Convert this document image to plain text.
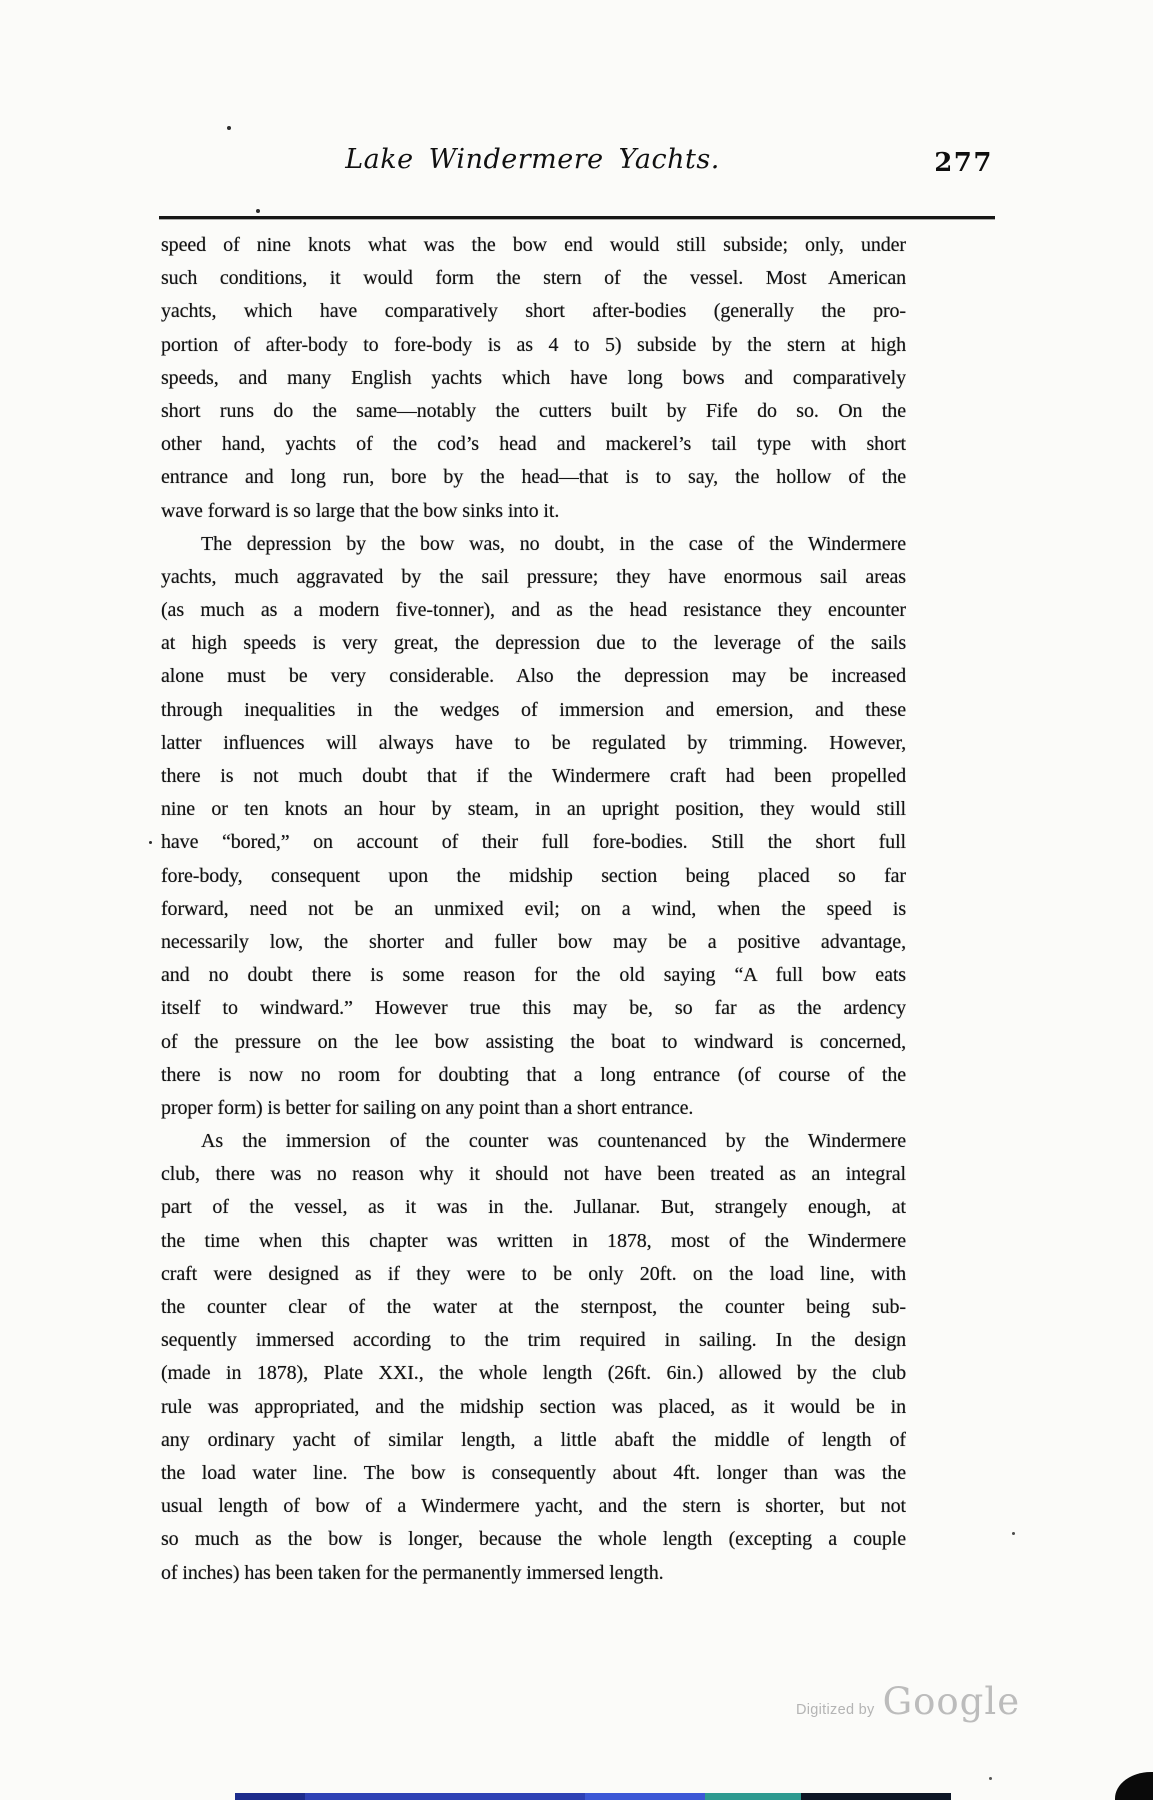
Lake Windermere Yachts.	277
speed of nine knots what was the bow end would still subside; only, under
such conditions, it would form the stern of the vessel. Most American
yachts, which have comparatively short after-bodies (generally the pro-
portion of after-body to fore-body is as 4 to 5) subside by the stern at high
speeds, and many English yachts which have long bows and comparatively
short runs do the same—notably the cutters built by Fife do so. On the
other hand, yachts of the cod’s head and mackerel’s tail type with short
entrance and long run, bore by the head—that is to say, the hollow of the
wave forward is so large that the bow sinks into it.
The depression by the bow was, no doubt, in the case of the Windermere
yachts, much aggravated by the sail pressure; they have enormous sail areas
(as much as a modern five-tonner), and as the head resistance they encounter
at high speeds is very great, the depression due to the leverage of the sails
alone must be very considerable. Also the depression may be increased
through inequalities in the wedges of immersion and emersion, and these
latter influences will always have to be regulated by trimming. However,
there is not much doubt that if the Windermere craft had been propelled
nine or ten knots an hour by steam, in an upright position, they would still
have “bored,” on account of their full fore-bodies. Still the short full
fore-body, consequent upon the midship section being placed so far
forward, need not be an unmixed evil; on a wind, when the speed is
necessarily low, the shorter and fuller bow may be a positive advantage,
and no doubt there is some reason for the old saying “A full bow eats
itself to windward.” However true this may be, so far as the ardency
of the pressure on the lee bow assisting the boat to windward is concerned,
there is now no room for doubting that a long entrance (of course of the
proper form) is better for sailing on any point than a short entrance.
As the immersion of the counter was countenanced by the Windermere
club, there was no reason why it should not have been treated as an integral
part of the vessel, as it was in the. Jullanar. But, strangely enough, at
the time when this chapter was written in 1878, most of the Windermere
craft were designed as if they were to be only 20ft. on the load line, with
the counter clear of the water at the sternpost, the counter being sub-
sequently immersed according to the trim required in sailing. In the design
(made in 1878), Plate XXI., the whole length (26ft. 6in.) allowed by the club
rule was appropriated, and the midship section was placed, as it would be in
any ordinary yacht of similar length, a little abaft the middle of length of
the load water line. The bow is consequently about 4ft. longer than was the
usual length of bow of a Windermere yacht, and the stern is shorter, but not
so much as the bow is longer, because the whole length (excepting a couple
of inches) has been taken for the permanently immersed length.
Digitized by Google
